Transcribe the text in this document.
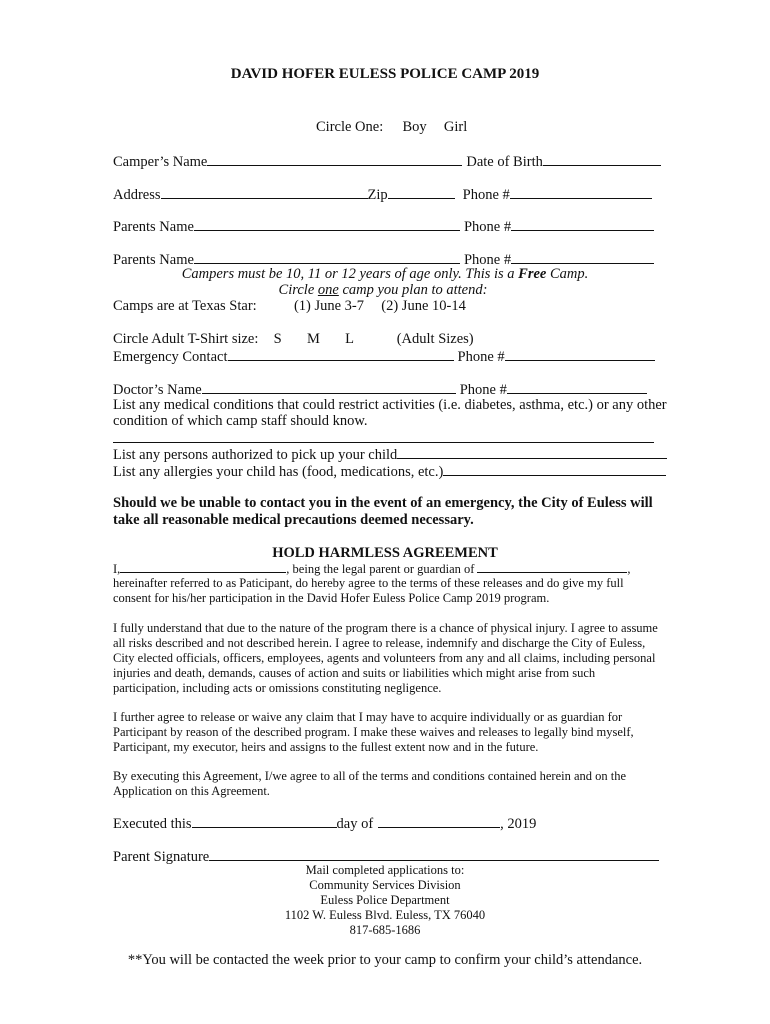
DAVID HOFER EULESS POLICE CAMP 2019
Circle One: Boy Girl
Camper’s Name	Date of Birth
Address	Zip	Phone #
Parents Name	Phone #
Parents Name	Phone #
Campers must be 10, 11 or 12 years of age only. This is a Free Camp.
Circle one camp you plan to attend:
Camps are at Texas Star:	(1) June 3-7 (2) June 10-14
Circle Adult T-Shirt size: S M L	(Adult Sizes)
Emergency Contact	Phone #
Doctor’s Name	Phone #
List any medical conditions that could restrict activities (i.e. diabetes, asthma, etc.) or any other
condition of which camp staff should know.
List any persons authorized to pick up your child
List any allergies your child has (food, medications, etc.)
Should we be unable to contact you in the event of an emergency, the City of Euless will
take all reasonable medical precautions deemed necessary.
HOLD HARMLESS AGREEMENT
I,	, being the legal parent or guardian of	,
hereinafter referred to as Paticipant, do hereby agree to the terms of these releases and do give my full consent for his/her participation in the David Hofer Euless Police Camp 2019 program.
I fully understand that due to the nature of the program there is a chance of physical injury. I agree to assume all risks described and not described herein. I agree to release, indemnify and discharge the City of Euless, City elected officials, officers, employees, agents and volunteers from any and all claims, including personal injuries and death, demands, causes of action and suits or liabilities which might arise from such participation, including acts or omissions constituting negligence.
I further agree to release or waive any claim that I may have to acquire individually or as guardian for Participant by reason of the described program. I make these waives and releases to legally bind myself, Participant, my executor, heirs and assigns to the fullest extent now and in the future.
By executing this Agreement, I/we agree to all of the terms and conditions contained herein and on the Application on this Agreement.
Executed this	day of	, 2019
Parent Signature
Mail completed applications to:
Community Services Division
Euless Police Department
1102 W. Euless Blvd. Euless, TX 76040
817-685-1686
**You will be contacted the week prior to your camp to confirm your child’s attendance.
